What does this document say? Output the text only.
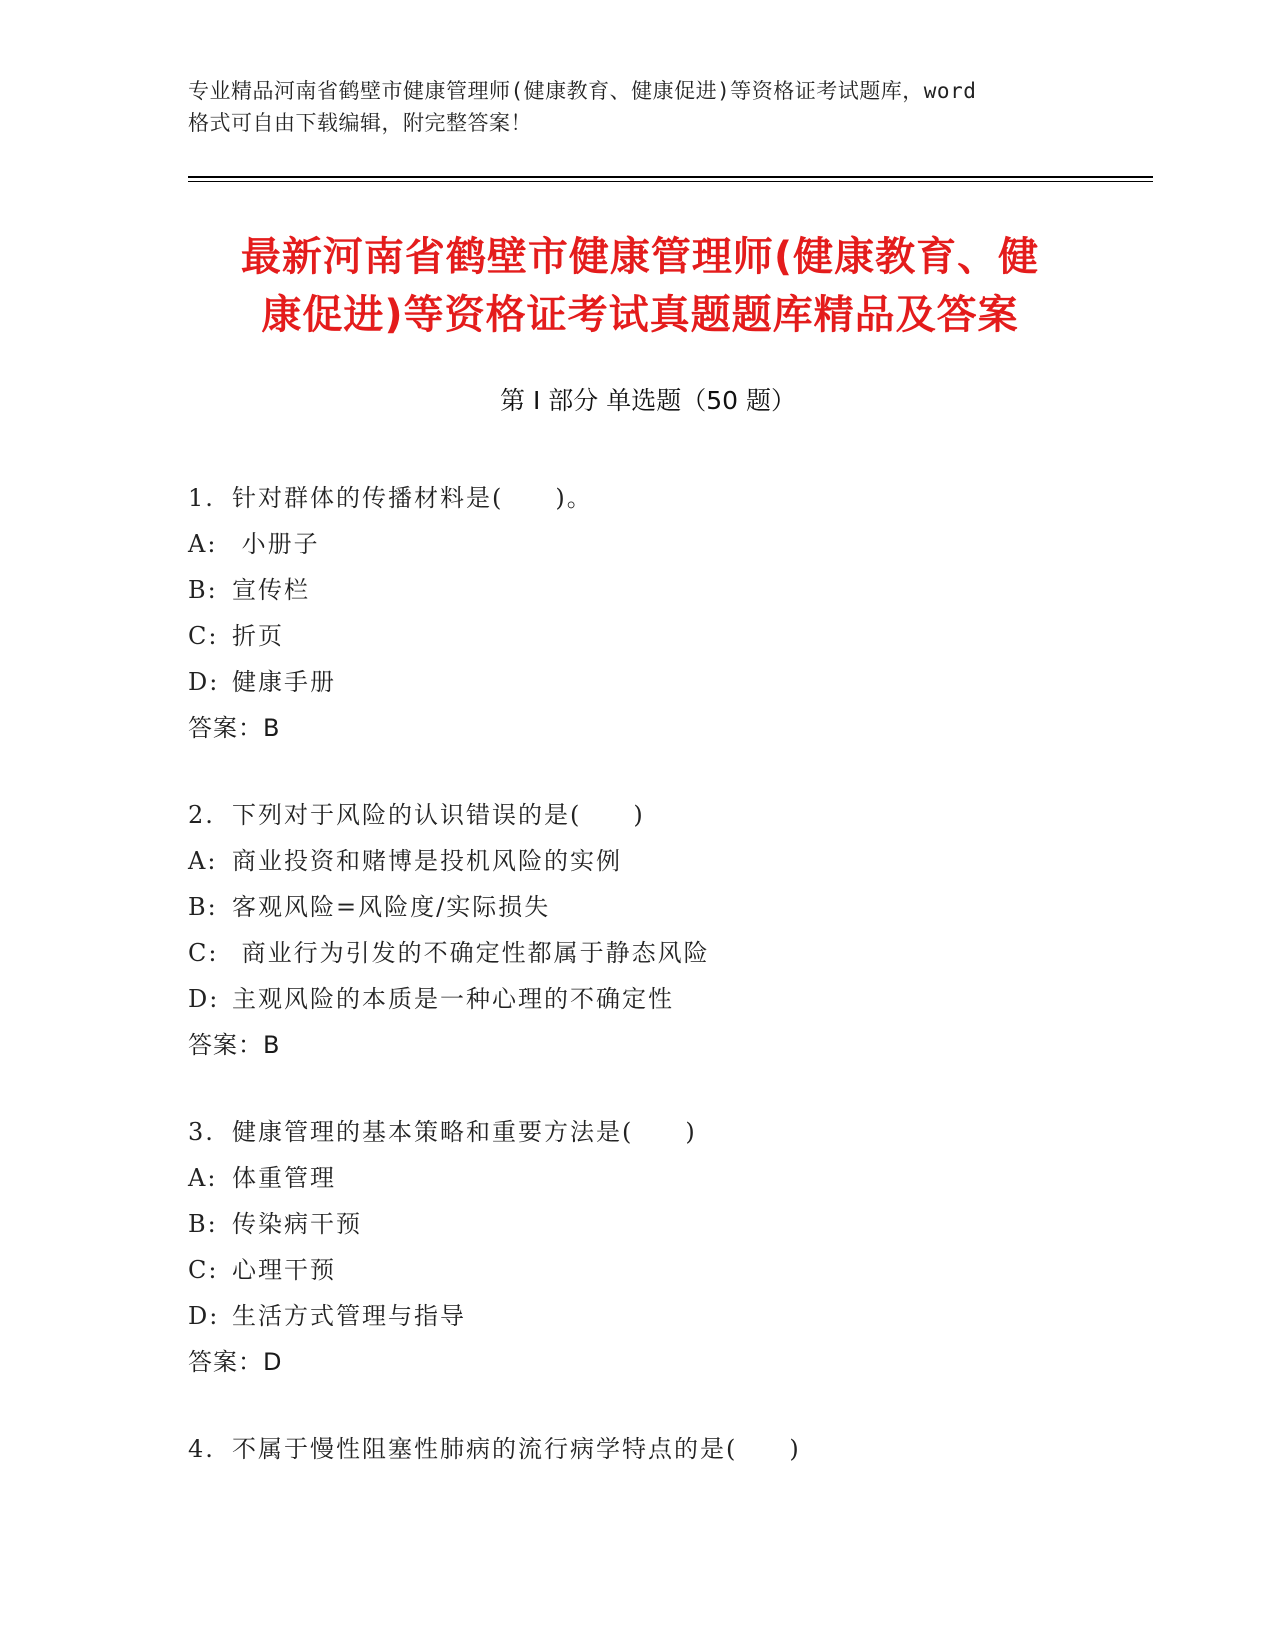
专业精品河南省鹤壁市健康管理师(健康教育、健康促进)等资格证考试题库，word
格式可自由下载编辑，附完整答案！
最新河南省鹤壁市健康管理师(健康教育、健
康促进)等资格证考试真题题库精品及答案
第 I 部分 单选题（50 题）
1. 针对群体的传播材料是(　　)。
A: 小册子
B: 宣传栏
C: 折页
D: 健康手册
答案：B
2. 下列对于风险的认识错误的是(　　)
A: 商业投资和赌博是投机风险的实例
B: 客观风险=风险度/实际损失
C: 商业行为引发的不确定性都属于静态风险
D: 主观风险的本质是一种心理的不确定性
答案：B
3. 健康管理的基本策略和重要方法是(　　)
A: 体重管理
B: 传染病干预
C: 心理干预
D: 生活方式管理与指导
答案：D
4. 不属于慢性阻塞性肺病的流行病学特点的是(　　)
